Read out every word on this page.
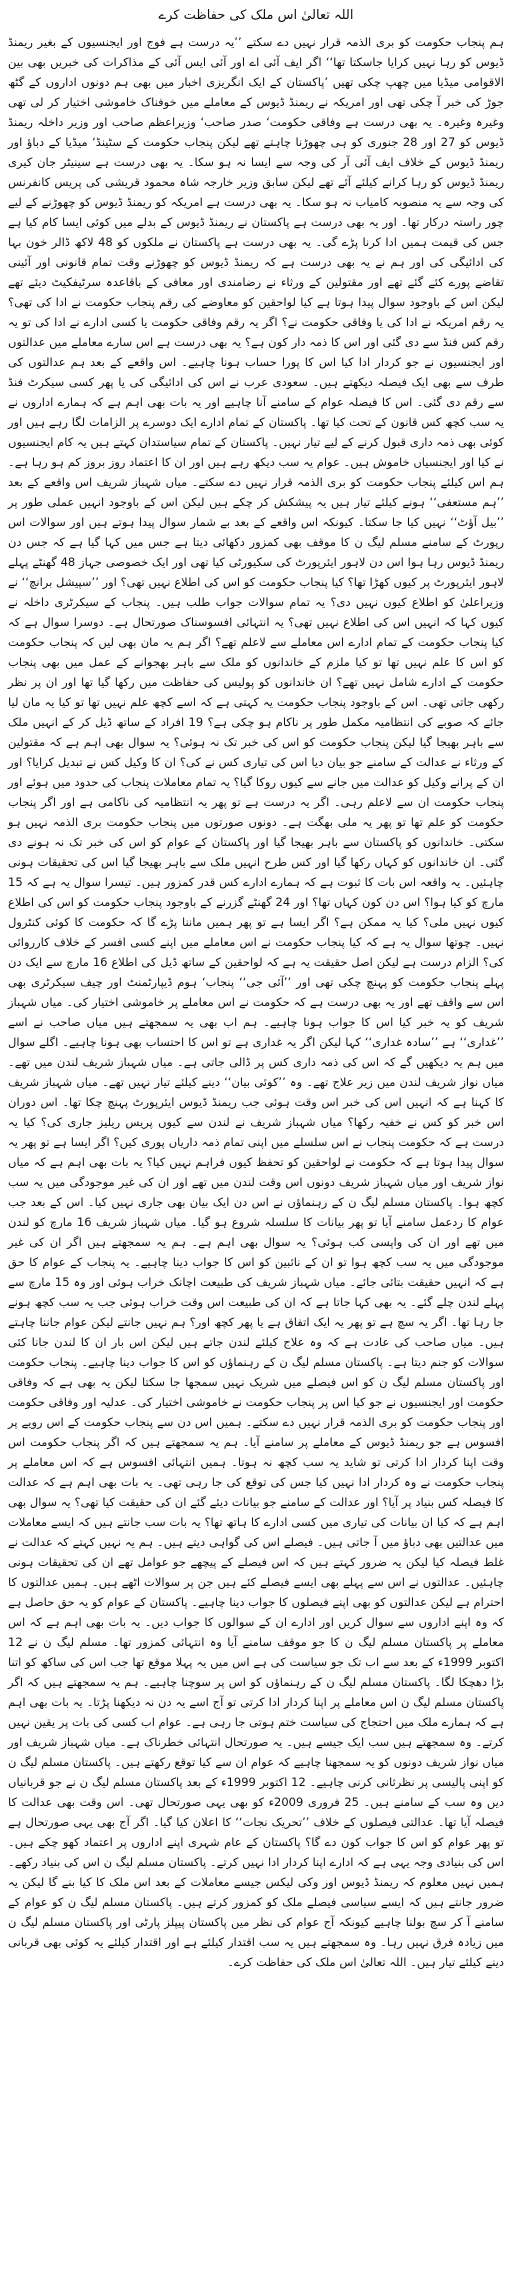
اللہ تعالیٰ اس ملک کی حفاظت کرے

ہم پنجاب حکومت کو بری الذمہ قرار نہیں دے سکتے ’’یہ درست ہے فوج اور ایجنسیوں کے بغیر ریمنڈ ڈیوس کو رہا نہیں کرایا جاسکتا تھا‘‘ اگر ایف آئی اے اور آئی ایس آئی کے مذاکرات کی خبریں بھی بین الاقوامی میڈیا میں چھپ چکی تھیں ’پاکستان کے ایک انگریزی اخبار میں بھی ہم دونوں اداروں کے گٹھ جوڑ کی خبر آ چکی تھی اور امریکہ نے ریمنڈ ڈیوس کے معاملے میں خوفناک خاموشی اختیار کر لی تھی وغیرہ وغیرہ۔ یہ بھی درست ہے وفاقی حکومت‘ صدر صاحب‘ وزیراعظم صاحب اور وزیر داخلہ ریمنڈ ڈیوس کو 27 اور 28 جنوری کو ہی چھوڑنا چاہتے تھے لیکن پنجاب حکومت کے سٹینڈ‘ میڈیا کے دباؤ اور ریمنڈ ڈیوس کے خلاف ایف آئی آر کی وجہ سے ایسا نہ ہو سکا۔ یہ بھی درست ہے سینیٹر جان کیری ریمنڈ ڈیوس کو رہا کرانے کیلئے آئے تھے لیکن سابق وزیر خارجہ شاہ محمود قریشی کی پریس کانفرنس کی وجہ سے یہ منصوبہ کامیاب نہ ہو سکا۔ یہ بھی درست ہے امریکہ کو ریمنڈ ڈیوس کو چھوڑنے کے لیے چور راستہ درکار تھا۔ اور یہ بھی درست ہے پاکستان نے ریمنڈ ڈیوس کے بدلے میں کوئی ایسا کام کیا ہے جس کی قیمت ہمیں ادا کرنا پڑے گی۔ یہ بھی درست ہے پاکستان نے ملکوں کو 48 لاکھ ڈالر خون بہا کی ادائیگی کی اور ہم نے یہ بھی درست ہے کہ ریمنڈ ڈیوس کو چھوڑنے وقت تمام قانونی اور آئینی تقاضے پورے کئے گئے تھے اور مقتولین کے ورثاء نے رضامندی اور معافی کے باقاعدہ سرٹیفکیٹ دیئے تھے لیکن اس کے باوجود سوال پیدا ہوتا ہے کیا لواحقین کو معاوضے کی رقم پنجاب حکومت نے ادا کی تھی؟ یہ رقم امریکہ نے ادا کی یا وفاقی حکومت نے؟ اگر یہ رقم وفاقی حکومت یا کسی ادارے نے ادا کی تو یہ رقم کس فنڈ سے دی گئی اور اس کا ذمہ دار کون ہے؟ یہ بھی درست ہے اس سارے معاملے میں عدالتوں اور ایجنسیوں نے جو کردار ادا کیا اس کا پورا حساب ہونا چاہیے۔ اس واقعے کے بعد ہم عدالتوں کی طرف سے بھی ایک فیصلہ دیکھتے ہیں۔ سعودی عرب نے اس کی ادائیگی کی یا پھر کسی سیکرٹ فنڈ سے رقم دی گئی۔ اس کا فیصلہ عوام کے سامنے آنا چاہیے اور یہ بات بھی اہم ہے کہ ہمارے اداروں نے یہ سب کچھ کس قانون کے تحت کیا تھا۔ پاکستان کے تمام ادارے ایک دوسرے پر الزامات لگا رہے ہیں اور کوئی بھی ذمہ داری قبول کرنے کے لیے تیار نہیں۔ پاکستان کے تمام سیاستدان کہتے ہیں یہ کام ایجنسیوں نے کیا اور ایجنسیاں خاموش ہیں۔ عوام یہ سب دیکھ رہے ہیں اور ان کا اعتماد روز بروز کم ہو رہا ہے۔ ہم اس کیلئے پنجاب حکومت کو بری الذمہ قرار نہیں دے سکتے۔ میاں شہباز شریف اس واقعے کے بعد ’’ہم مستعفی‘‘ ہونے کیلئے تیار ہیں یہ پیشکش کر چکے ہیں لیکن اس کے باوجود انہیں عملی طور پر ’’بیل آؤٹ‘‘ نہیں کیا جا سکتا۔ کیونکہ اس واقعے کے بعد بے شمار سوال پیدا ہوتے ہیں اور سوالات اس رپورٹ کے سامنے مسلم لیگ ن کا موقف بھی کمزور دکھائی دیتا ہے جس میں کہا گیا ہے کہ جس دن ریمنڈ ڈیوس رہا ہوا اس دن لاہور ایئرپورٹ کی سکیورٹی کیا تھی اور ایک خصوصی جہاز 48 گھنٹے پہلے لاہور ایئرپورٹ پر کیوں کھڑا تھا؟ کیا پنجاب حکومت کو اس کی اطلاع نہیں تھی؟ اور ’’سپیشل برانچ‘‘ نے وزیراعلیٰ کو اطلاع کیوں نہیں دی؟ یہ تمام سوالات جواب طلب ہیں۔ پنجاب کے سیکرٹری داخلہ نے کیوں کہا کہ انہیں اس کی اطلاع نہیں تھی؟ یہ انتہائی افسوسناک صورتحال ہے۔ دوسرا سوال ہے کہ کیا پنجاب حکومت کے تمام ادارے اس معاملے سے لاعلم تھے؟ اگر ہم یہ مان بھی لیں کہ پنجاب حکومت کو اس کا علم نہیں تھا تو کیا ملزم کے خاندانوں کو ملک سے باہر بھجوانے کے عمل میں بھی پنجاب حکومت کے ادارے شامل نہیں تھے؟ ان خاندانوں کو پولیس کی حفاظت میں رکھا گیا تھا اور ان پر نظر رکھی جاتی تھی۔ اس کے باوجود پنجاب حکومت یہ کہتی ہے کہ اسے کچھ علم نہیں تھا تو کیا یہ مان لیا جائے کہ صوبے کی انتظامیہ مکمل طور پر ناکام ہو چکی ہے؟ 19 افراد کے ساتھ ڈیل کر کے انہیں ملک سے باہر بھیجا گیا لیکن پنجاب حکومت کو اس کی خبر تک نہ ہوئی؟ یہ سوال بھی اہم ہے کہ مقتولین کے ورثاء نے عدالت کے سامنے جو بیان دیا اس کی تیاری کس نے کی؟ ان کا وکیل کس نے تبدیل کرایا؟ اور ان کے پرانے وکیل کو عدالت میں جانے سے کیوں روکا گیا؟ یہ تمام معاملات پنجاب کی حدود میں ہوئے اور پنجاب حکومت ان سے لاعلم رہی۔ اگر یہ درست ہے تو پھر یہ انتظامیہ کی ناکامی ہے اور اگر پنجاب حکومت کو علم تھا تو پھر یہ ملی بھگت ہے۔ دونوں صورتوں میں پنجاب حکومت بری الذمہ نہیں ہو سکتی۔ خاندانوں کو پاکستان سے باہر بھیجا گیا اور پاکستان کے عوام کو اس کی خبر تک نہ ہونے دی گئی۔ ان خاندانوں کو کہاں رکھا گیا اور کس طرح انہیں ملک سے باہر بھیجا گیا اس کی تحقیقات ہونی چاہئیں۔ یہ واقعہ اس بات کا ثبوت ہے کہ ہمارے ادارے کس قدر کمزور ہیں۔ تیسرا سوال یہ ہے کہ 15 مارچ کو کیا ہوا؟ اس دن کون کہاں تھا؟ اور 24 گھنٹے گزرنے کے باوجود پنجاب حکومت کو اس کی اطلاع کیوں نہیں ملی؟ کیا یہ ممکن ہے؟ اگر ایسا ہے تو پھر ہمیں ماننا پڑے گا کہ حکومت کا کوئی کنٹرول نہیں۔ چوتھا سوال یہ ہے کہ کیا پنجاب حکومت نے اس معاملے میں اپنے کسی افسر کے خلاف کارروائی کی؟ الزام درست ہے لیکن اصل حقیقت یہ ہے کہ لواحقین کے ساتھ ڈیل کی اطلاع 16 مارچ سے ایک دن پہلے پنجاب حکومت کو پہنچ چکی تھی اور ’’آئی جی‘‘ پنجاب‘ ہوم ڈیپارٹمنٹ اور چیف سیکرٹری بھی اس سے واقف تھے اور یہ بھی درست ہے کہ حکومت نے اس معاملے پر خاموشی اختیار کی۔ میاں شہباز شریف کو یہ خبر کیا اس کا جواب ہونا چاہیے۔ ہم اب بھی یہ سمجھتے ہیں میاں صاحب نے اسے ’’غداری‘‘ ہے ’’سادہ غداری‘‘ کہا لیکن اگر یہ غداری ہے تو اس کا احتساب بھی ہونا چاہیے۔ اگلے سوال میں ہم یہ دیکھیں گے کہ اس کی ذمہ داری کس پر ڈالی جاتی ہے۔ میاں شہباز شریف لندن میں تھے۔ میاں نواز شریف لندن میں زیر علاج تھے۔ وہ ’’کوئی بیان‘‘ دینے کیلئے تیار نہیں تھے۔ میاں شہباز شریف کا کہنا ہے کہ انہیں اس کی خبر اس وقت ہوئی جب ریمنڈ ڈیوس ایئرپورٹ پہنچ چکا تھا۔ اس دوران اس خبر کو کس نے خفیہ رکھا؟ میاں شہباز شریف نے لندن سے کیوں پریس ریلیز جاری کی؟ کیا یہ درست ہے کہ حکومت پنجاب نے اس سلسلے میں اپنی تمام ذمہ داریاں پوری کیں؟ اگر ایسا ہے تو پھر یہ سوال پیدا ہوتا ہے کہ حکومت نے لواحقین کو تحفظ کیوں فراہم نہیں کیا؟ یہ بات بھی اہم ہے کہ میاں نواز شریف اور میاں شہباز شریف دونوں اس وقت لندن میں تھے اور ان کی غیر موجودگی میں یہ سب کچھ ہوا۔ پاکستان مسلم لیگ ن کے رہنماؤں نے اس دن ایک بیان بھی جاری نہیں کیا۔ اس کے بعد جب عوام کا ردعمل سامنے آیا تو پھر بیانات کا سلسلہ شروع ہو گیا۔ میاں شہباز شریف 16 مارچ کو لندن میں تھے اور ان کی واپسی کب ہوئی؟ یہ سوال بھی اہم ہے۔ ہم یہ سمجھتے ہیں اگر ان کی غیر موجودگی میں یہ سب کچھ ہوا تو ان کے نائبین کو اس کا جواب دینا چاہیے۔ یہ پنجاب کے عوام کا حق ہے کہ انہیں حقیقت بتائی جائے۔ میاں شہباز شریف کی طبیعت اچانک خراب ہوئی اور وہ 15 مارچ سے پہلے لندن چلے گئے۔ یہ بھی کہا جاتا ہے کہ ان کی طبیعت اس وقت خراب ہوئی جب یہ سب کچھ ہونے جا رہا تھا۔ اگر یہ سچ ہے تو پھر یہ ایک اتفاق ہے یا پھر کچھ اور؟ ہم نہیں جانتے لیکن عوام جاننا چاہتے ہیں۔ میاں صاحب کی عادت ہے کہ وہ علاج کیلئے لندن جاتے ہیں لیکن اس بار ان کا لندن جانا کئی سوالات کو جنم دیتا ہے۔ پاکستان مسلم لیگ ن کے رہنماؤں کو اس کا جواب دینا چاہیے۔ پنجاب حکومت اور پاکستان مسلم لیگ ن کو اس فیصلے میں شریک نہیں سمجھا جا سکتا لیکن یہ بھی ہے کہ وفاقی حکومت اور ایجنسیوں نے جو کیا اس پر پنجاب حکومت نے خاموشی اختیار کی۔ عدلیہ اور وفاقی حکومت اور پنجاب حکومت کو بری الذمہ قرار نہیں دے سکتے۔ ہمیں اس دن سے پنجاب حکومت کے اس رویے پر افسوس ہے جو ریمنڈ ڈیوس کے معاملے پر سامنے آیا۔ ہم یہ سمجھتے ہیں کہ اگر پنجاب حکومت اس وقت اپنا کردار ادا کرتی تو شاید یہ سب کچھ نہ ہوتا۔ ہمیں انتہائی افسوس ہے کہ اس معاملے پر پنجاب حکومت نے وہ کردار ادا نہیں کیا جس کی توقع کی جا رہی تھی۔ یہ بات بھی اہم ہے کہ عدالت کا فیصلہ کس بنیاد پر آیا؟ اور عدالت کے سامنے جو بیانات دیئے گئے ان کی حقیقت کیا تھی؟ یہ سوال بھی اہم ہے کہ کیا ان بیانات کی تیاری میں کسی ادارے کا ہاتھ تھا؟ یہ بات سب جانتے ہیں کہ ایسے معاملات میں عدالتیں بھی دباؤ میں آ جاتی ہیں۔ فیصلے اس کی گواہی دیتے ہیں۔ ہم یہ نہیں کہتے کہ عدالت نے غلط فیصلہ کیا لیکن یہ ضرور کہتے ہیں کہ اس فیصلے کے پیچھے جو عوامل تھے ان کی تحقیقات ہونی چاہئیں۔ عدالتوں نے اس سے پہلے بھی ایسے فیصلے کئے ہیں جن پر سوالات اٹھے ہیں۔ ہمیں عدالتوں کا احترام ہے لیکن عدالتوں کو بھی اپنے فیصلوں کا جواب دینا چاہیے۔ پاکستان کے عوام کو یہ حق حاصل ہے کہ وہ اپنے اداروں سے سوال کریں اور ادارے ان کے سوالوں کا جواب دیں۔ یہ بات بھی اہم ہے کہ اس معاملے پر پاکستان مسلم لیگ ن کا جو موقف سامنے آیا وہ انتہائی کمزور تھا۔ مسلم لیگ ن نے 12 اکتوبر 1999ء کے بعد سے اب تک جو سیاست کی ہے اس میں یہ پہلا موقع تھا جب اس کی ساکھ کو اتنا بڑا دھچکا لگا۔ پاکستان مسلم لیگ ن کے رہنماؤں کو اس پر سوچنا چاہیے۔ ہم یہ سمجھتے ہیں کہ اگر پاکستان مسلم لیگ ن اس معاملے پر اپنا کردار ادا کرتی تو آج اسے یہ دن نہ دیکھنا پڑتا۔ یہ بات بھی اہم ہے کہ ہمارے ملک میں احتجاج کی سیاست ختم ہوتی جا رہی ہے۔ عوام اب کسی کی بات پر یقین نہیں کرتے۔ وہ سمجھتے ہیں سب ایک جیسے ہیں۔ یہ صورتحال انتہائی خطرناک ہے۔ میاں شہباز شریف اور میاں نواز شریف دونوں کو یہ سمجھنا چاہیے کہ عوام ان سے کیا توقع رکھتے ہیں۔ پاکستان مسلم لیگ ن کو اپنی پالیسی پر نظرثانی کرنی چاہیے۔ 12 اکتوبر 1999ء کے بعد پاکستان مسلم لیگ ن نے جو قربانیاں دیں وہ سب کے سامنے ہیں۔ 25 فروری 2009ء کو بھی یہی صورتحال تھی۔ اس وقت بھی عدالت کا فیصلہ آیا تھا۔ عدالتی فیصلوں کے خلاف ’’تحریک نجات‘‘ کا اعلان کیا گیا۔ اگر آج بھی یہی صورتحال ہے تو پھر عوام کو اس کا جواب کون دے گا؟ پاکستان کے عام شہری اپنے اداروں پر اعتماد کھو چکے ہیں۔ اس کی بنیادی وجہ یہی ہے کہ ادارے اپنا کردار ادا نہیں کرتے۔ پاکستان مسلم لیگ ن اس کی بنیاد رکھے۔ ہمیں نہیں معلوم کہ ریمنڈ ڈیوس اور وکی لیکس جیسے معاملات کے بعد اس ملک کا کیا بنے گا لیکن یہ ضرور جانتے ہیں کہ ایسے سیاسی فیصلے ملک کو کمزور کرتے ہیں۔ پاکستان مسلم لیگ ن کو عوام کے سامنے آ کر سچ بولنا چاہیے کیونکہ آج عوام کی نظر میں پاکستان پیپلز پارٹی اور پاکستان مسلم لیگ ن میں زیادہ فرق نہیں رہا۔ وہ سمجھتے ہیں یہ سب اقتدار کیلئے ہے اور اقتدار کیلئے یہ کوئی بھی قربانی دینے کیلئے تیار ہیں۔ اللہ تعالیٰ اس ملک کی حفاظت کرے۔
